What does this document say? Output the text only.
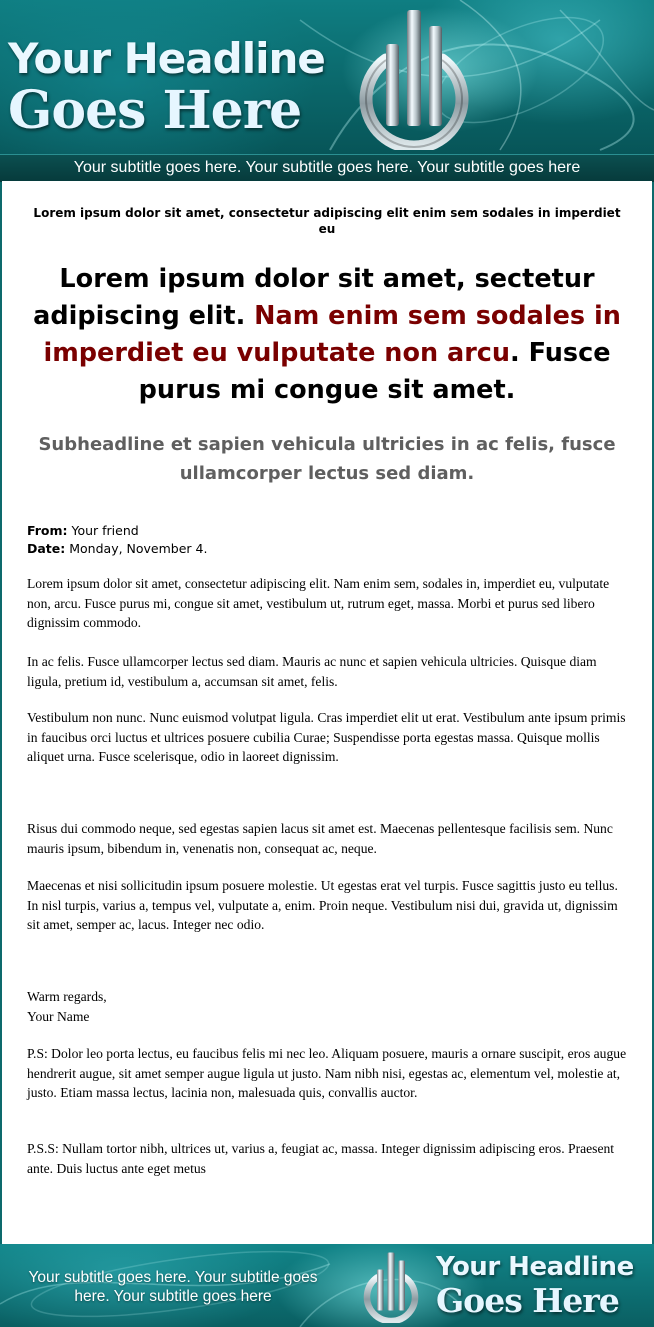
Your Headline
Goes Here
Your subtitle goes here. Your subtitle goes here. Your subtitle goes here
Lorem ipsum dolor sit amet, consectetur adipiscing elit enim sem sodales in imperdiet eu
Lorem ipsum dolor sit amet, sectetur adipiscing elit. Nam enim sem sodales in imperdiet eu vulputate non arcu. Fusce purus mi congue sit amet.
Subheadline et sapien vehicula ultricies in ac felis, fusce ullamcorper lectus sed diam.
From: Your friend
Date: Monday, November 4.

Lorem ipsum dolor sit amet, consectetur adipiscing elit. Nam enim sem, sodales in, imperdiet eu, vulputate non, arcu. Fusce purus mi, congue sit amet, vestibulum ut, rutrum eget, massa. Morbi et purus sed libero dignissim commodo.

In ac felis. Fusce ullamcorper lectus sed diam. Mauris ac nunc et sapien vehicula ultricies. Quisque diam ligula, pretium id, vestibulum a, accumsan sit amet, felis.

Vestibulum non nunc. Nunc euismod volutpat ligula. Cras imperdiet elit ut erat. Vestibulum ante ipsum primis in faucibus orci luctus et ultrices posuere cubilia Curae; Suspendisse porta egestas massa. Quisque mollis aliquet urna. Fusce scelerisque, odio in laoreet dignissim.

Risus dui commodo neque, sed egestas sapien lacus sit amet est. Maecenas pellentesque facilisis sem. Nunc mauris ipsum, bibendum in, venenatis non, consequat ac, neque.

Maecenas et nisi sollicitudin ipsum posuere molestie. Ut egestas erat vel turpis. Fusce sagittis justo eu tellus. In nisl turpis, varius a, tempus vel, vulputate a, enim. Proin neque. Vestibulum nisi dui, gravida ut, dignissim sit amet, semper ac, lacus. Integer nec odio.

Warm regards,

Your Name

P.S: Dolor leo porta lectus, eu faucibus felis mi nec leo. Aliquam posuere, mauris a ornare suscipit, eros augue hendrerit augue, sit amet semper augue ligula ut justo. Nam nibh nisi, egestas ac, elementum vel, molestie at, justo. Etiam massa lectus, lacinia non, malesuada quis, convallis auctor.

P.S.S: Nullam tortor nibh, ultrices ut, varius a, feugiat ac, massa. Integer dignissim adipiscing eros. Praesent ante. Duis luctus ante eget metus

Your subtitle goes here. Your subtitle goes here. Your subtitle goes here
Your Headline
Goes Here
